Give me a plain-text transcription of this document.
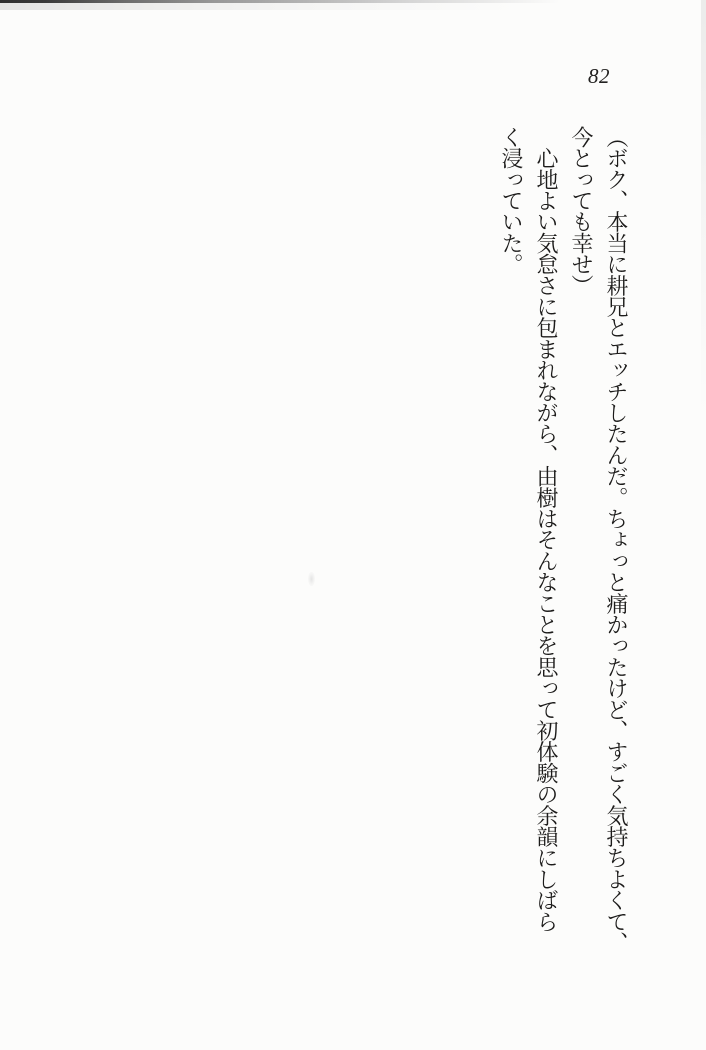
82
（ボク、本当に耕兄とエッチしたんだ。ちょっと痛かったけど、すごく気持ちよくて、
今とっても幸せ）
　心地よい気怠さに包まれながら、由樹はそんなことを思って初体験の余韻にしばら
く浸っていた。
